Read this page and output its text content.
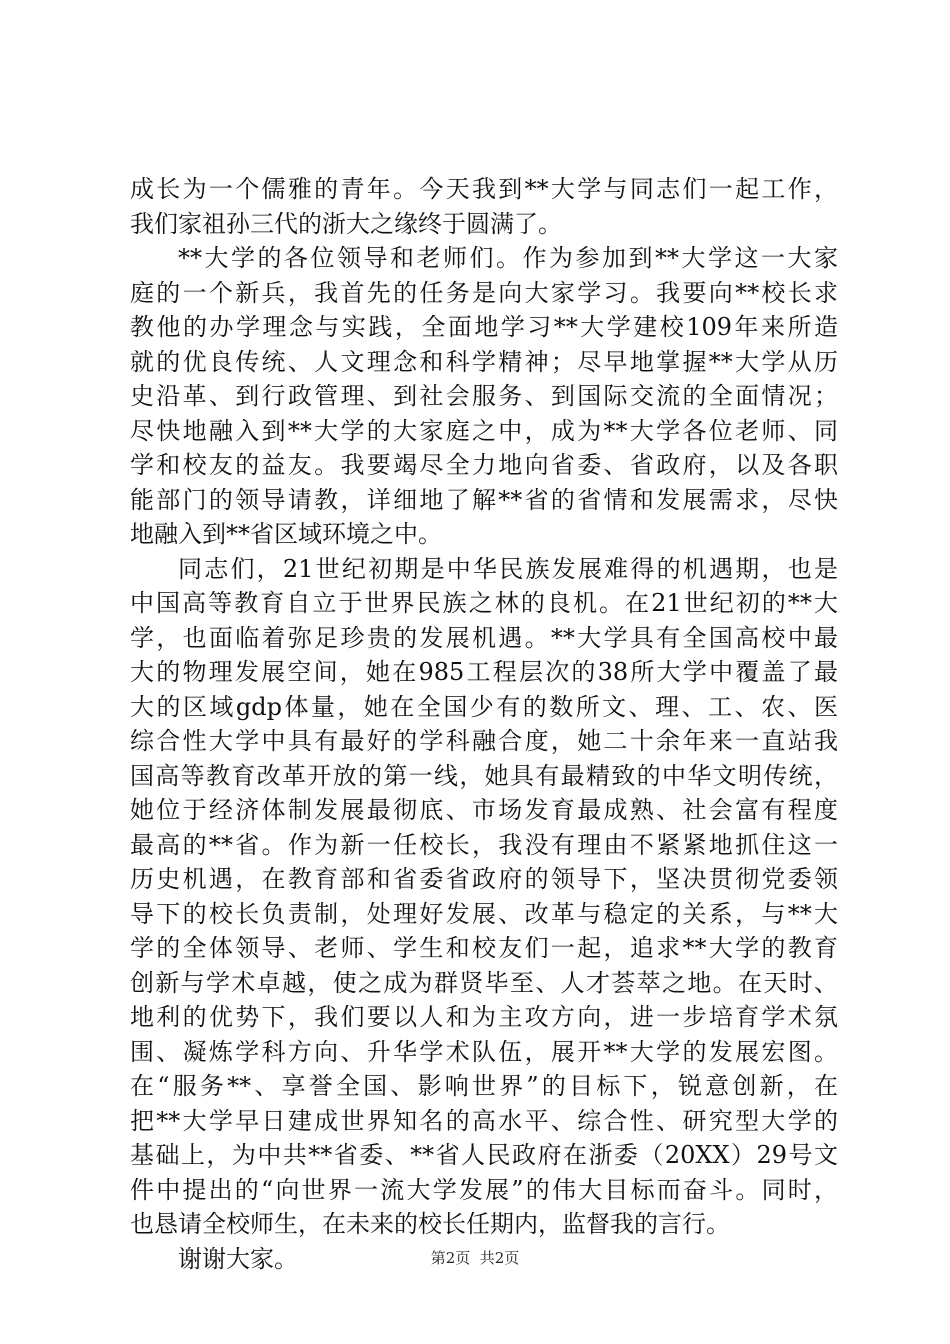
成长为一个儒雅的青年。今天我到**大学与同志们一起工作，
我们家祖孙三代的浙大之缘终于圆满了。
**大学的各位领导和老师们。作为参加到**大学这一大家
庭的一个新兵，我首先的任务是向大家学习。我要向**校长求
教他的办学理念与实践，全面地学习**大学建校109年来所造
就的优良传统、人文理念和科学精神；尽早地掌握**大学从历
史沿革、到行政管理、到社会服务、到国际交流的全面情况；
尽快地融入到**大学的大家庭之中，成为**大学各位老师、同
学和校友的益友。我要竭尽全力地向省委、省政府，以及各职
能部门的领导请教，详细地了解**省的省情和发展需求，尽快
地融入到**省区域环境之中。
同志们，21世纪初期是中华民族发展难得的机遇期，也是
中国高等教育自立于世界民族之林的良机。在21世纪初的**大
学，也面临着弥足珍贵的发展机遇。**大学具有全国高校中最
大的物理发展空间，她在985工程层次的38所大学中覆盖了最
大的区域gdp体量，她在全国少有的数所文、理、工、农、医
综合性大学中具有最好的学科融合度，她二十余年来一直站我
国高等教育改革开放的第一线，她具有最精致的中华文明传统，
她位于经济体制发展最彻底、市场发育最成熟、社会富有程度
最高的**省。作为新一任校长，我没有理由不紧紧地抓住这一
历史机遇，在教育部和省委省政府的领导下，坚决贯彻党委领
导下的校长负责制，处理好发展、改革与稳定的关系，与**大
学的全体领导、老师、学生和校友们一起，追求**大学的教育
创新与学术卓越，使之成为群贤毕至、人才荟萃之地。在天时、
地利的优势下，我们要以人和为主攻方向，进一步培育学术氛
围、凝炼学科方向、升华学术队伍，展开**大学的发展宏图。
在“服务**、享誉全国、影响世界”的目标下，锐意创新，在
把**大学早日建成世界知名的高水平、综合性、研究型大学的
基础上，为中共**省委、**省人民政府在浙委（20XX）29号文
件中提出的“向世界一流大学发展”的伟大目标而奋斗。同时，
也恳请全校师生，在未来的校长任期内，监督我的言行。
谢谢大家。	第2页  共2页
